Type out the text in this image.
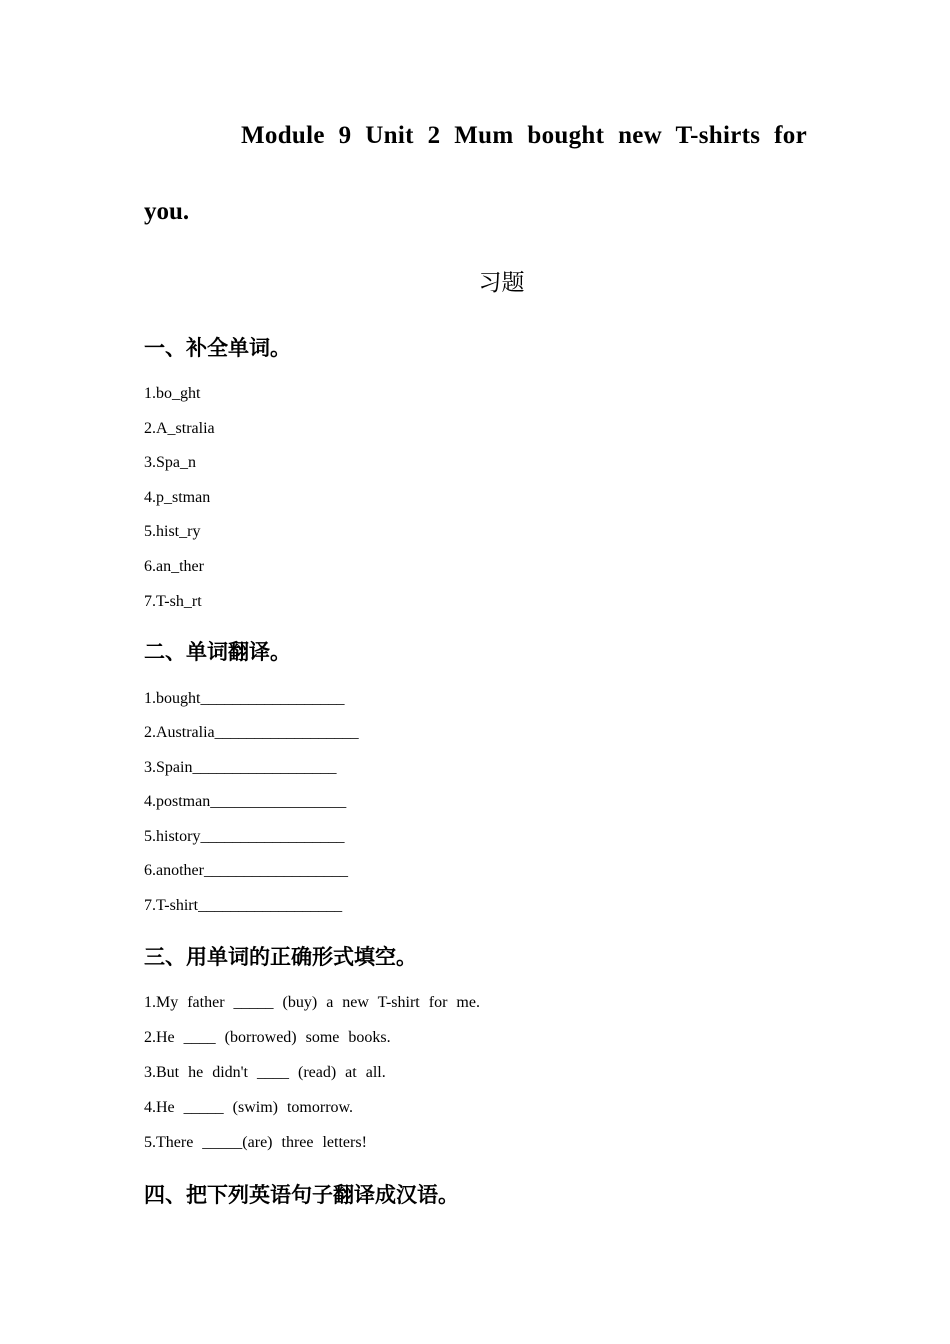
Module 9 Unit 2 Mum bought new T-shirts for
you.
习题
一、补全单词。
1.bo_ght
2.A_stralia
3.Spa_n
4.p_stman
5.hist_ry
6.an_ther
7.T-sh_rt
二、单词翻译。
1.bought__________________
2.Australia__________________
3.Spain__________________
4.postman_________________
5.history__________________
6.another__________________
7.T-shirt__________________
三、用单词的正确形式填空。
1.My father _____ (buy) a new T-shirt for me.
2.He ____ (borrowed) some books.
3.But he didn't ____ (read) at all.
4.He _____ (swim) tomorrow.
5.There _____(are) three letters!
四、把下列英语句子翻译成汉语。
